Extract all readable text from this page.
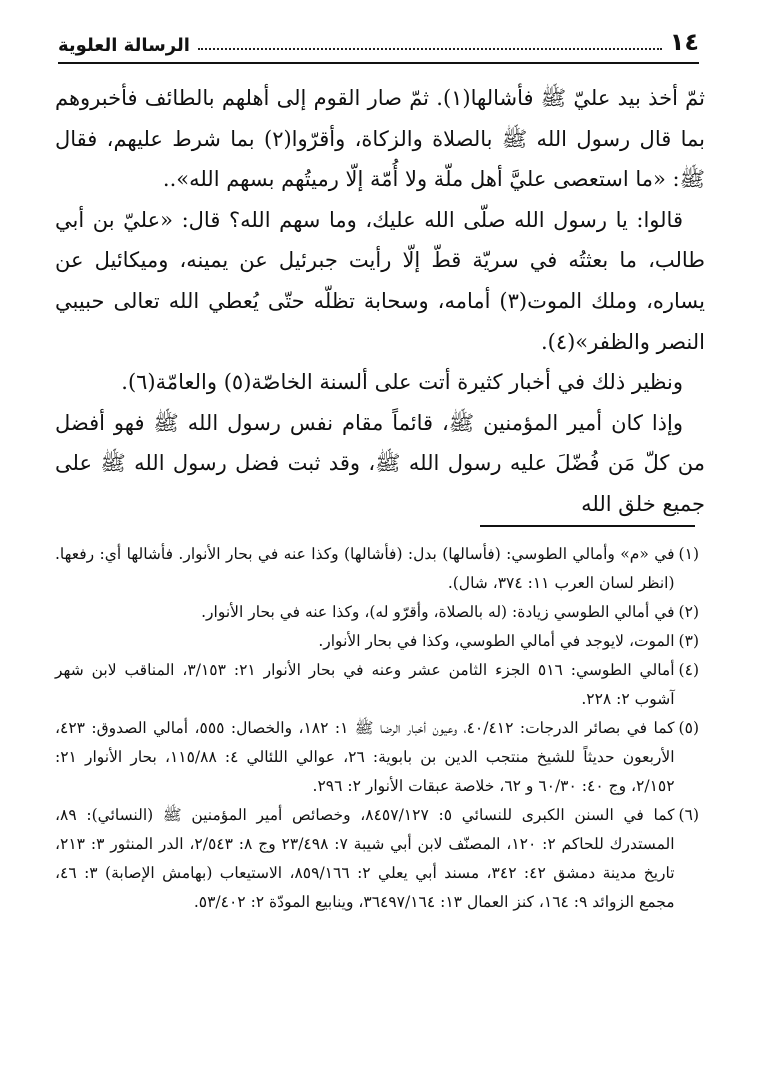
١٤
الرسالة العلوية

ثمّ أخذ بيد عليّ ﷺ فأشالها(١). ثمّ صار القوم إلى أهلهم بالطائف فأخبروهم بما قال رسول الله ﷺ بالصلاة والزكاة، وأقرّوا(٢) بما شرط عليهم، فقال ﷺ: «ما استعصى عليَّ أهل ملّة ولا أُمّة إلّا رميتُهم بسهم الله»..

قالوا: يا رسول الله صلّى الله عليك، وما سهم الله؟ قال: «عليّ بن أبي طالب، ما بعثتُه في سريّة قطّ إلّا رأيت جبرئيل عن يمينه، وميكائيل عن يساره، وملك الموت(٣) أمامه، وسحابة تظلّه حتّى يُعطي الله تعالى حبيبي النصر والظفر»(٤).

ونظير ذلك في أخبار كثيرة أتت على ألسنة الخاصّة(٥) والعامّة(٦).

وإذا كان أمير المؤمنين ﷺ، قائماً مقام نفس رسول الله ﷺ فهو أفضل من كلّ مَن فُضّلَ عليه رسول الله ﷺ، وقد ثبت فضل رسول الله ﷺ على جميع خلق الله

(١)
في «م» وأمالي الطوسي: (فأسالها) بدل: (فأشالها) وكذا عنه في بحار الأنوار. فأشالها أي: رفعها. (انظر لسان العرب ١١: ٣٧٤، شال).
(٢)
في أمالي الطوسي زيادة: (له بالصلاة، وأقرّو له)، وكذا عنه في بحار الأنوار.
(٣)
الموت، لايوجد في أمالي الطوسي، وكذا في بحار الأنوار.
(٤)
أمالي الطوسي: ٥١٦ الجزء الثامن عشر وعنه في بحار الأنوار ٢١: ٣/١٥٣، المناقب لابن شهر آشوب ٢: ٢٢٨.
(٥)
كما في بصائر الدرجات: ٤٠/٤١٢، وعيون أخبار الرضا ﷺ ١: ١٨٢، والخصال: ٥٥٥، أمالي الصدوق: ٤٢٣، الأربعون حديثاً للشيخ منتجب الدين بن بابوية: ٢٦، عوالي اللئالي ٤: ١١٥/٨٨، بحار الأنوار ٢١: ٢/١٥٢، وج ٤٠: ٦٠/٣٠ و ٦٢، خلاصة عبقات الأنوار ٢: ٢٩٦.
(٦)
كما في السنن الكبرى للنسائي ٥: ٨٤٥٧/١٢٧، وخصائص أمير المؤمنين ﷺ (النسائي): ٨٩، المستدرك للحاكم ٢: ١٢٠، المصنّف لابن أبي شيبة ٧: ٢٣/٤٩٨ وج ٨: ٢/٥٤٣، الدر المنثور ٣: ٢١٣، تاريخ مدينة دمشق ٤٢: ٣٤٢، مسند أبي يعلي ٢: ٨٥٩/١٦٦، الاستيعاب (بهامش الإصابة) ٣: ٤٦، مجمع الزوائد ٩: ١٦٤، كنز العمال ١٣: ٣٦٤٩٧/١٦٤، وينابيع المودّة ٢: ٥٣/٤٠٢.
